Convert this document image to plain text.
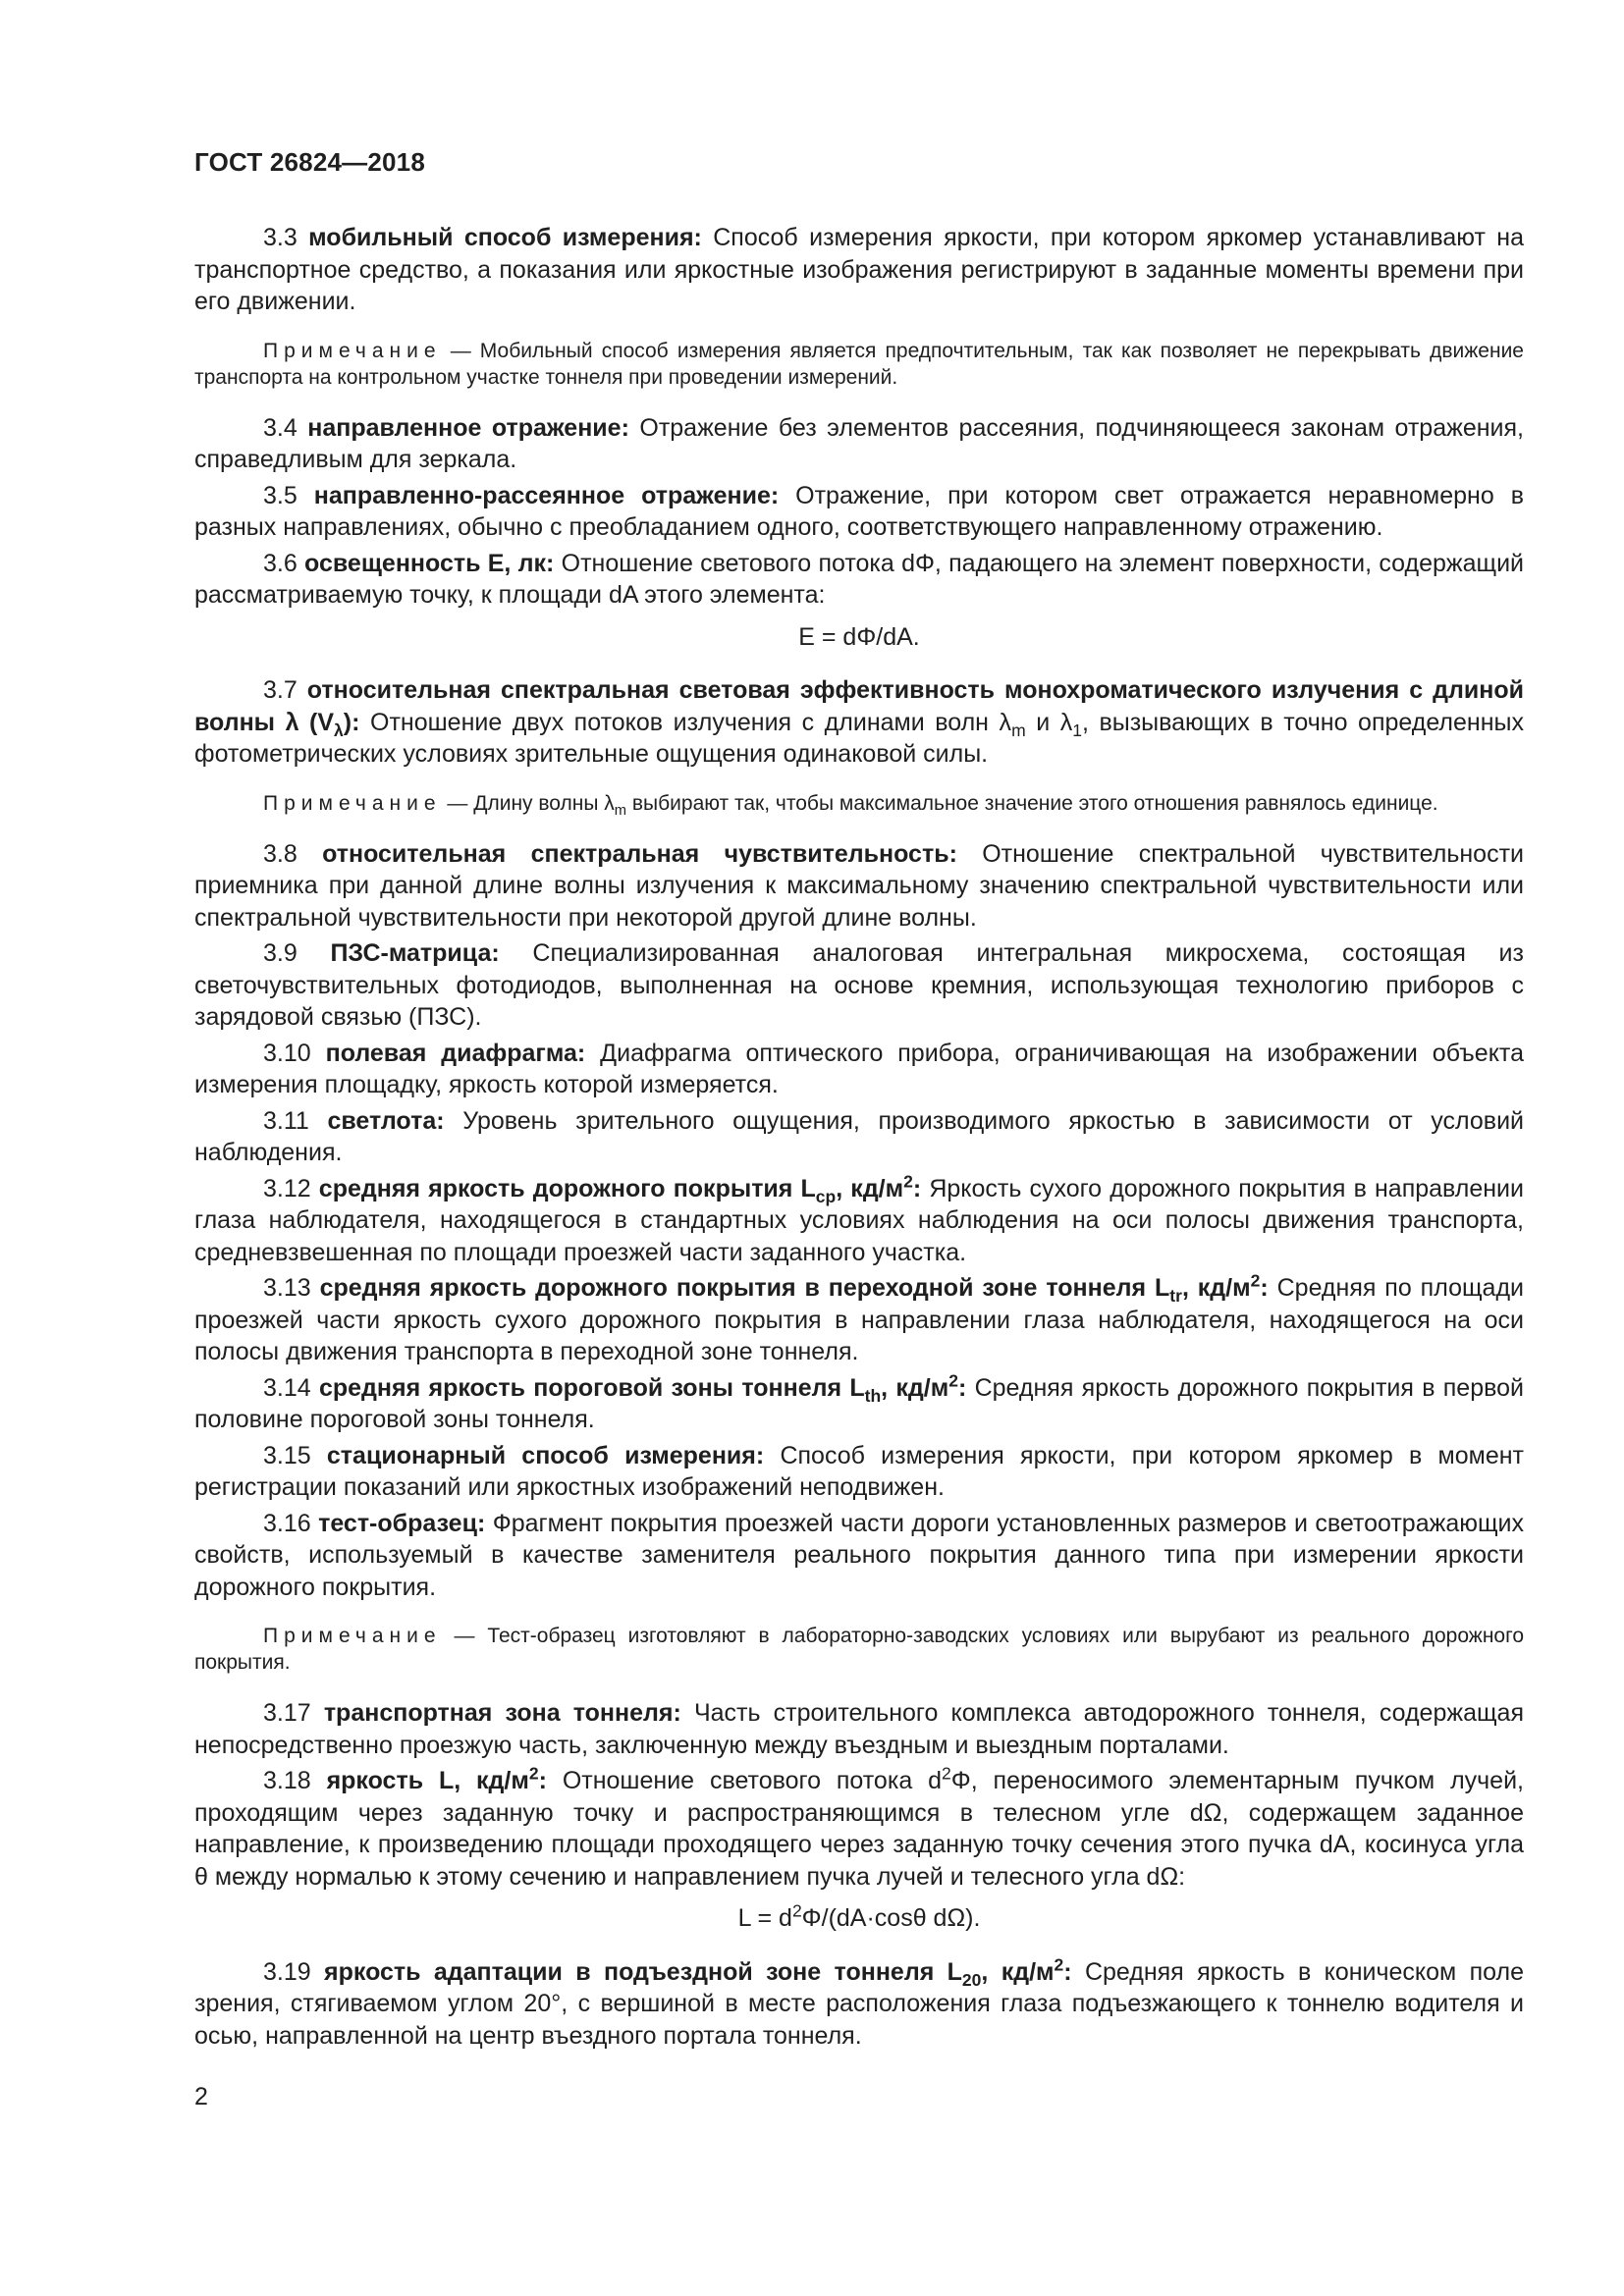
ГОСТ 26824—2018

3.3 мобильный способ измерения: Способ измерения яркости, при котором яркомер устанавливают на транспортное средство, а показания или яркостные изображения регистрируют в заданные моменты времени при его движении.

Примечание — Мобильный способ измерения является предпочтительным, так как позволяет не перекрывать движение транспорта на контрольном участке тоннеля при проведении измерений.

3.4 направленное отражение: Отражение без элементов рассеяния, подчиняющееся законам отражения, справедливым для зеркала.

3.5 направленно-рассеянное отражение: Отражение, при котором свет отражается неравномерно в разных направлениях, обычно с преобладанием одного, соответствующего направленному отражению.

3.6 освещенность E, лк: Отношение светового потока dΦ, падающего на элемент поверхности, содержащий рассматриваемую точку, к площади dA этого элемента:

E = dΦ/dA.

3.7 относительная спектральная световая эффективность монохроматического излучения с длиной волны λ $(V_\lambda)$: Отношение двух потоков излучения с длинами волн $\lambda_m$ и $\lambda_1$, вызывающих в точно определенных фотометрических условиях зрительные ощущения одинаковой силы.

Примечание — Длину волны $\lambda_m$ выбирают так, чтобы максимальное значение этого отношения равнялось единице.

3.8 относительная спектральная чувствительность: Отношение спектральной чувствительности приемника при данной длине волны излучения к максимальному значению спектральной чувствительности или спектральной чувствительности при некоторой другой длине волны.

3.9 ПЗС-матрица: Специализированная аналоговая интегральная микросхема, состоящая из светочувствительных фотодиодов, выполненная на основе кремния, использующая технологию приборов с зарядовой связью (ПЗС).

3.10 полевая диафрагма: Диафрагма оптического прибора, ограничивающая на изображении объекта измерения площадку, яркость которой измеряется.

3.11 светлота: Уровень зрительного ощущения, производимого яркостью в зависимости от условий наблюдения.

3.12 средняя яркость дорожного покрытия $L_{ср}$, $кд/м^2$: Яркость сухого дорожного покрытия в направлении глаза наблюдателя, находящегося в стандартных условиях наблюдения на оси полосы движения транспорта, средневзвешенная по площади проезжей части заданного участка.

3.13 средняя яркость дорожного покрытия в переходной зоне тоннеля $L_{tr}$, $кд/м^2$: Средняя по площади проезжей части яркость сухого дорожного покрытия в направлении глаза наблюдателя, находящегося на оси полосы движения транспорта в переходной зоне тоннеля.

3.14 средняя яркость пороговой зоны тоннеля $L_{th}$, $кд/м^2$: Средняя яркость дорожного покрытия в первой половине пороговой зоны тоннеля.

3.15 стационарный способ измерения: Способ измерения яркости, при котором яркомер в момент регистрации показаний или яркостных изображений неподвижен.

3.16 тест-образец: Фрагмент покрытия проезжей части дороги установленных размеров и светоотражающих свойств, используемый в качестве заменителя реального покрытия данного типа при измерении яркости дорожного покрытия.

Примечание — Тест-образец изготовляют в лабораторно-заводских условиях или вырубают из реального дорожного покрытия.

3.17 транспортная зона тоннеля: Часть строительного комплекса автодорожного тоннеля, содержащая непосредственно проезжую часть, заключенную между въездным и выездным порталами.

3.18 яркость L, $кд/м^2$: Отношение светового потока $d^2\Phi$, переносимого элементарным пучком лучей, проходящим через заданную точку и распространяющимся в телесном угле dΩ, содержащем заданное направление, к произведению площади проходящего через заданную точку сечения этого пучка dA, косинуса угла θ между нормалью к этому сечению и направлением пучка лучей и телесного угла dΩ:

$L = d^2\Phi/(dA\cdot\cos\theta$ dΩ).

3.19 яркость адаптации в подъездной зоне тоннеля $L_{20}$, $кд/м^2$: Средняя яркость в коническом поле зрения, стягиваемом углом 20°, с вершиной в месте расположения глаза подъезжающего к тоннелю водителя и осью, направленной на центр въездного портала тоннеля.

2
